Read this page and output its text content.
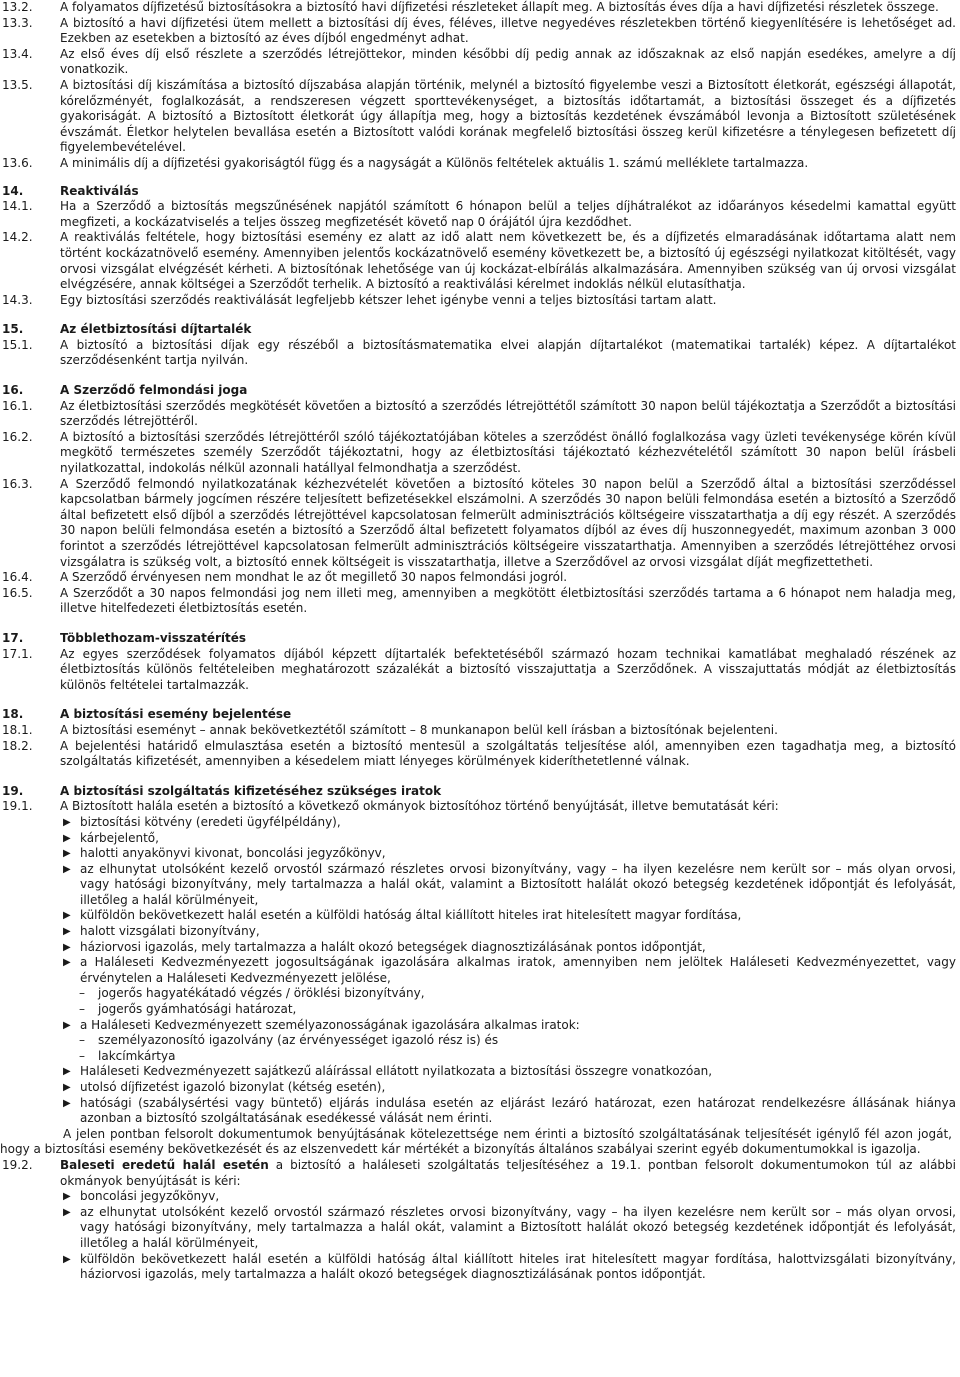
13.2.	A folyamatos díjfizetésű biztosításokra a biztosító havi díjfizetési részleteket állapít meg. A biztosítás éves díja a havi díjfizetési részletek összege.
13.3.	A biztosító a havi díjfizetési ütem mellett a biztosítási díj éves, féléves, illetve negyedéves részletekben történő kiegyenlítésére is lehetőséget ad. Ezekben az esetekben a biztosító az éves díjból engedményt adhat.
13.4.	Az első éves díj első részlete a szerződés létrejöttekor, minden későbbi díj pedig annak az időszaknak az első napján esedékes, amelyre a díj vonatkozik.
13.5.	A biztosítási díj kiszámítása a biztosító díjszabása alapján történik, melynél a biztosító figyelembe veszi a Biztosított életkorát, egészségi állapotát, kórelőzményét, foglalkozását, a rendszeresen végzett sporttevékenységet, a biztosítás időtartamát, a biztosítási összeget és a díjfizetés gyakoriságát. A biztosító a Biztosított életkorát úgy állapítja meg, hogy a biztosítás kezdetének évszámából levonja a Biztosított születésének évszámát. Életkor helytelen bevallása esetén a Biztosított valódi korának megfelelő biztosítási összeg kerül kifizetésre a ténylegesen befizetett díj figyelembevételével.
13.6.	A minimális díj a díjfizetési gyakoriságtól függ és a nagyságát a Különös feltételek aktuális 1. számú melléklete tartalmazza.
14.	Reaktiválás
14.1.	Ha a Szerződő a biztosítás megszűnésének napjától számított 6 hónapon belül a teljes díjhátralékot az időarányos késedelmi kamattal együtt megfizeti, a kockázatviselés a teljes összeg megfizetését követő nap 0 órájától újra kezdődhet.
14.2.	A reaktiválás feltétele, hogy biztosítási esemény ez alatt az idő alatt nem következett be, és a díjfizetés elmaradásának időtartama alatt nem történt kockázatnövelő esemény. Amennyiben jelentős kockázatnövelő esemény következett be, a biztosító új egészségi nyilatkozat kitöltését, vagy orvosi vizsgálat elvégzését kérheti. A biztosítónak lehetősége van új kockázat-elbírálás alkalmazására. Amennyiben szükség van új orvosi vizsgálat elvégzésére, annak költségei a Szerződőt terhelik. A biztosító a reaktiválási kérelmet indoklás nélkül elutasíthatja.
14.3.	Egy biztosítási szerződés reaktiválását legfeljebb kétszer lehet igénybe venni a teljes biztosítási tartam alatt.
15.	Az életbiztosítási díjtartalék
15.1.	A biztosító a biztosítási díjak egy részéből a biztosításmatematika elvei alapján díjtartalékot (matematikai tartalék) képez. A díjtartalékot szerződésenként tartja nyilván.
16.	A Szerződő felmondási joga
16.1.	Az életbiztosítási szerződés megkötését követően a biztosító a szerződés létrejöttétől számított 30 napon belül tájékoztatja a Szerződőt a biztosítási szerződés létrejöttéről.
16.2.	A biztosító a biztosítási szerződés létrejöttéről szóló tájékoztatójában köteles a szerződést önálló foglalkozása vagy üzleti tevékenysége körén kívül megkötő természetes személy Szerződőt tájékoztatni, hogy az életbiztosítási tájékoztató kézhezvételétől számított 30 napon belül írásbeli nyilatkozattal, indokolás nélkül azonnali hatállyal felmondhatja a szerződést.
16.3.	A Szerződő felmondó nyilatkozatának kézhezvételét követően a biztosító köteles 30 napon belül a Szerződő által a biztosítási szerződéssel kapcsolatban bármely jogcímen részére teljesített befizetésekkel elszámolni. A szerződés 30 napon belüli felmondása esetén a biztosító a Szerződő által befizetett első díjból a szerződés létrejöttével kapcsolatosan felmerült adminisztrációs költségeire visszatarthatja a díj egy részét. A szerződés 30 napon belüli felmondása esetén a biztosító a Szerződő által befizetett folyamatos díjból az éves díj huszonnegyedét, maximum azonban 3 000 forintot a szerződés létrejöttével kapcsolatosan felmerült adminisztrációs költségeire visszatarthatja. Amennyiben a szerződés létrejöttéhez orvosi vizsgálatra is szükség volt, a biztosító ennek költségeit is visszatarthatja, illetve a Szerződővel az orvosi vizsgálat díját megfizettetheti.
16.4.	A Szerződő érvényesen nem mondhat le az őt megillető 30 napos felmondási jogról.
16.5.	A Szerződőt a 30 napos felmondási jog nem illeti meg, amennyiben a megkötött életbiztosítási szerződés tartama a 6 hónapot nem haladja meg, illetve hitelfedezeti életbiztosítás esetén.
17.	Többlethozam-visszatérítés
17.1.	Az egyes szerződések folyamatos díjából képzett díjtartalék befektetéséből származó hozam technikai kamatlábat meghaladó részének az életbiztosítás különös feltételeiben meghatározott százalékát a biztosító visszajuttatja a Szerződőnek. A visszajuttatás módját az életbiztosítás különös feltételei tartalmazzák.
18.	A biztosítási esemény bejelentése
18.1.	A biztosítási eseményt – annak bekövetkeztétől számított – 8 munkanapon belül kell írásban a biztosítónak bejelenteni.
18.2.	A bejelentési határidő elmulasztása esetén a biztosító mentesül a szolgáltatás teljesítése alól, amennyiben ezen tagadhatja meg, a biztosító szolgáltatás kifizetését, amennyiben a késedelem miatt lényeges körülmények kideríthetetlenné válnak.
19.	A biztosítási szolgáltatás kifizetéséhez szükséges iratok
19.1.	A Biztosított halála esetén a biztosító a következő okmányok biztosítóhoz történő benyújtását, illetve bemutatását kéri:
▶ biztosítási kötvény (eredeti ügyfélpéldány),
▶ kárbejelentő,
▶ halotti anyakönyvi kivonat, boncolási jegyzőkönyv,
▶ az elhunytat utolsóként kezelő orvostól származó részletes orvosi bizonyítvány, vagy – ha ilyen kezelésre nem került sor – más olyan orvosi, vagy hatósági bizonyítvány, mely tartalmazza a halál okát, valamint a Biztosított halálát okozó betegség kezdetének időpontját és lefolyását, illetőleg a halál körülményeit,
▶ külföldön bekövetkezett halál esetén a külföldi hatóság által kiállított hiteles irat hitelesített magyar fordítása,
▶ halott vizsgálati bizonyítvány,
▶ háziorvosi igazolás, mely tartalmazza a halált okozó betegségek diagnosztizálásának pontos időpontját,
▶ a Haláleseti Kedvezményezett jogosultságának igazolására alkalmas iratok, amennyiben nem jelöltek Haláleseti Kedvezményezettet, vagy érvénytelen a Haláleseti Kedvezményezett jelölése,
–	jogerős hagyatékátadó végzés / öröklési bizonyítvány,
–	jogerős gyámhatósági határozat,
▶ a Haláleseti Kedvezményezett személyazonosságának igazolására alkalmas iratok:
–	személyazonosító igazolvány (az érvényességet igazoló rész is) és
–	lakcímkártya
▶ Haláleseti Kedvezményezett sajátkezű aláírással ellátott nyilatkozata a biztosítási összegre vonatkozóan,
▶ utolsó díjfizetést igazoló bizonylat (kétség esetén),
▶ hatósági (szabálysértési vagy büntető) eljárás indulása esetén az eljárást lezáró határozat, ezen határozat rendelkezésre állásának hiánya azonban a biztosító szolgáltatásának esedékessé válását nem érinti.
A jelen pontban felsorolt dokumentumok benyújtásának kötelezettsége nem érinti a biztosító szolgáltatásának teljesítését igénylő fél azon jogát, hogy a biztosítási esemény bekövetkezését és az elszenvedett kár mértékét a bizonyítás általános szabályai szerint egyéb dokumentumokkal is igazolja.
19.2.	Baleseti eredetű halál esetén a biztosító a haláleseti szolgáltatás teljesítéséhez a 19.1. pontban felsorolt dokumentumokon túl az alábbi okmányok benyújtását is kéri:
▶ boncolási jegyzőkönyv,
▶ az elhunytat utolsóként kezelő orvostól származó részletes orvosi bizonyítvány, vagy – ha ilyen kezelésre nem került sor – más olyan orvosi, vagy hatósági bizonyítvány, mely tartalmazza a halál okát, valamint a Biztosított halálát okozó betegség kezdetének időpontját és lefolyását, illetőleg a halál körülményeit,
▶ külföldön bekövetkezett halál esetén a külföldi hatóság által kiállított hiteles irat hitelesített magyar fordítása, halottvizsgálati bizonyítvány, háziorvosi igazolás, mely tartalmazza a halált okozó betegségek diagnosztizálásának pontos időpontját.
